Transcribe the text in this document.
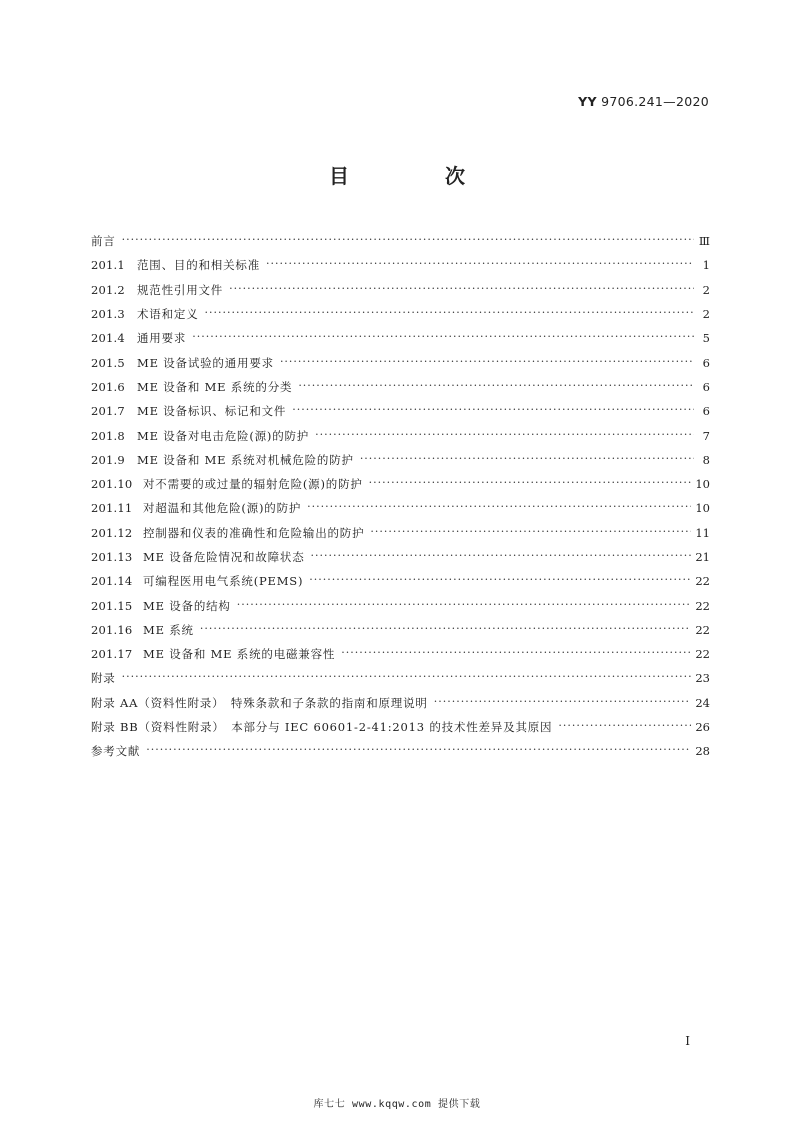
YY 9706.241—2020
目　次
前言 ·····	Ⅲ
201.1	范围、目的和相关标准 ·····	1
201.2	规范性引用文件 ·····	2
201.3	术语和定义 ·····	2
201.4	通用要求 ·····	5
201.5	ME 设备试验的通用要求 ·····	6
201.6	ME 设备和 ME 系统的分类 ·····	6
201.7	ME 设备标识、标记和文件 ·····	6
201.8	ME 设备对电击危险(源)的防护 ·····	7
201.9	ME 设备和 ME 系统对机械危险的防护 ·····	8
201.10 对不需要的或过量的辐射危险(源)的防护 ·····	10
201.11 对超温和其他危险(源)的防护 ·····	10
201.12 控制器和仪表的准确性和危险输出的防护 ·····	11
201.13 ME 设备危险情况和故障状态 ·····	21
201.14 可编程医用电气系统(PEMS) ·····	22
201.15 ME 设备的结构 ·····	22
201.16 ME 系统 ·····	22
201.17 ME 设备和 ME 系统的电磁兼容性 ·····	22
附录 ·····	23
附录 AA（资料性附录）　特殊条款和子条款的指南和原理说明 ·····	24
附录 BB（资料性附录）　本部分与 IEC 60601-2-41:2013 的技术性差异及其原因 ·····	26
参考文献 ·····	28
I
库七七 www.kqqw.com 提供下载
